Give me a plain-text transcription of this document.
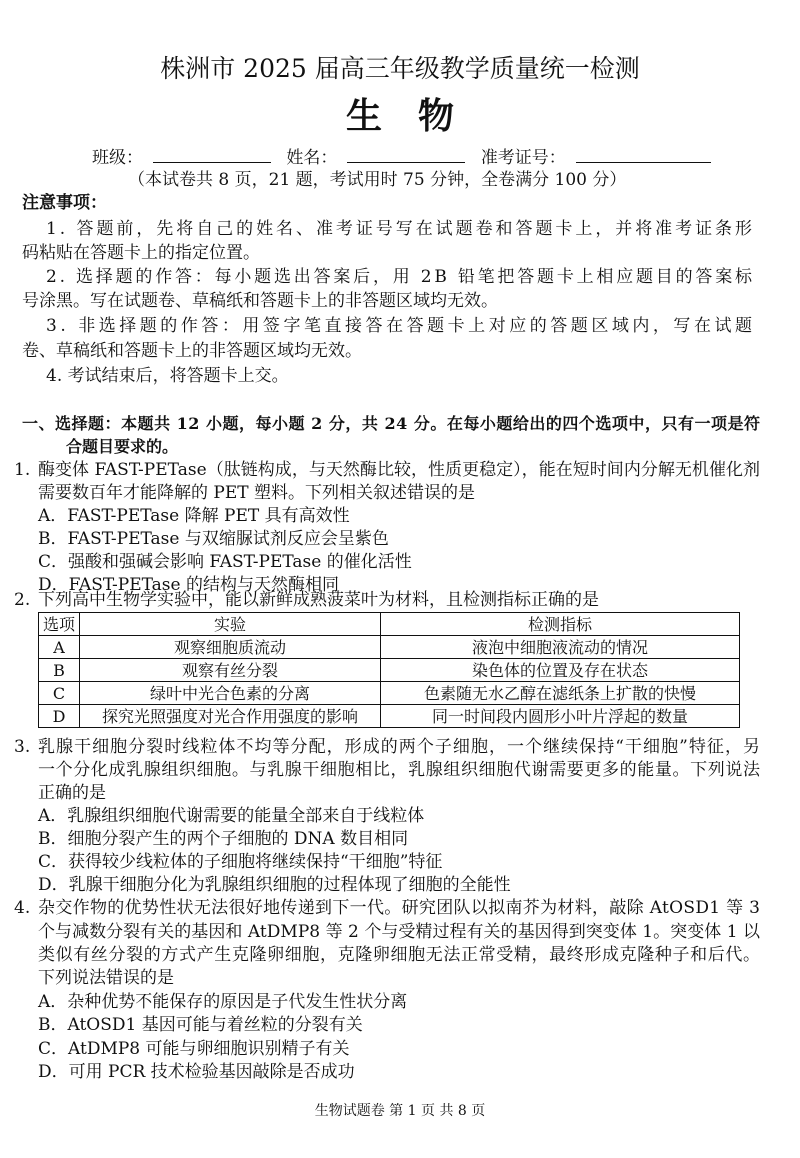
株洲市 2025 届高三年级教学质量统一检测
生　物
班级：	姓名：	准考证号：
（本试卷共 8 页，21 题，考试用时 75 分钟，全卷满分 100 分）
注意事项：
1. 答题前，先将自己的姓名、准考证号写在试题卷和答题卡上，并将准考证条形
码粘贴在答题卡上的指定位置。
2. 选择题的作答：每小题选出答案后，用 2B 铅笔把答题卡上相应题目的答案标
号涂黑。写在试题卷、草稿纸和答题卡上的非答题区域均无效。
3. 非选择题的作答：用签字笔直接答在答题卡上对应的答题区域内，写在试题
卷、草稿纸和答题卡上的非答题区域均无效。
4. 考试结束后，将答题卡上交。
一、选择题：本题共 12 小题，每小题 2 分，共 24 分。在每小题给出的四个选项中，只有一项是符
合题目要求的。
1. 酶变体 FAST-PETase（肽链构成，与天然酶比较，性质更稳定），能在短时间内分解无机催化剂
需要数百年才能降解的 PET 塑料。下列相关叙述错误的是
A．FAST-PETase 降解 PET 具有高效性
B．FAST-PETase 与双缩脲试剂反应会呈紫色
C．强酸和强碱会影响 FAST-PETase 的催化活性
D．FAST-PETase 的结构与天然酶相同
2. 下列高中生物学实验中，能以新鲜成熟菠菜叶为材料，且检测指标正确的是
选项	实验	检测指标
A	观察细胞质流动	液泡中细胞液流动的情况
B	观察有丝分裂	染色体的位置及存在状态
C	绿叶中光合色素的分离	色素随无水乙醇在滤纸条上扩散的快慢
D	探究光照强度对光合作用强度的影响	同一时间段内圆形小叶片浮起的数量
3. 乳腺干细胞分裂时线粒体不均等分配，形成的两个子细胞，一个继续保持“干细胞”特征，另
一个分化成乳腺组织细胞。与乳腺干细胞相比，乳腺组织细胞代谢需要更多的能量。下列说法
正确的是
A．乳腺组织细胞代谢需要的能量全部来自于线粒体
B．细胞分裂产生的两个子细胞的 DNA 数目相同
C．获得较少线粒体的子细胞将继续保持“干细胞”特征
D．乳腺干细胞分化为乳腺组织细胞的过程体现了细胞的全能性
4. 杂交作物的优势性状无法很好地传递到下一代。研究团队以拟南芥为材料，敲除 AtOSD1 等 3
个与减数分裂有关的基因和 AtDMP8 等 2 个与受精过程有关的基因得到突变体 1。突变体 1 以
类似有丝分裂的方式产生克隆卵细胞，克隆卵细胞无法正常受精，最终形成克隆种子和后代。
下列说法错误的是
A．杂种优势不能保存的原因是子代发生性状分离
B．AtOSD1 基因可能与着丝粒的分裂有关
C．AtDMP8 可能与卵细胞识别精子有关
D．可用 PCR 技术检验基因敲除是否成功
生物试题卷 第 1 页 共 8 页
